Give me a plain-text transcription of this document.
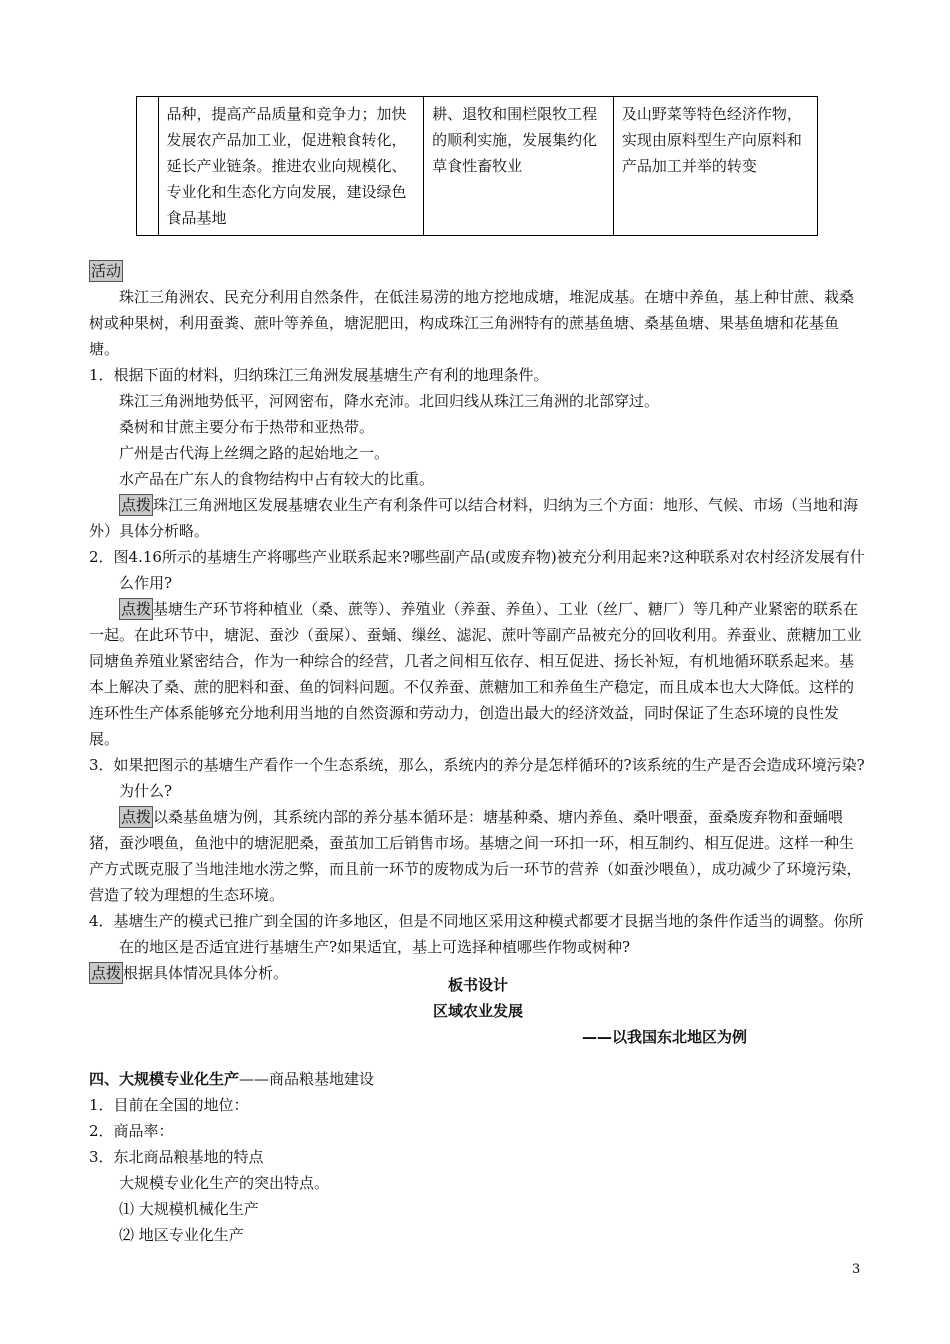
	品种，提高产品质量和竞争力；加快发展农产品加工业，促进粮食转化，延长产业链条。推进农业向规模化、专业化和生态化方向发展，建设绿色食品基地	耕、退牧和围栏限牧工程的顺利实施，发展集约化草食性畜牧业	及山野菜等特色经济作物，实现由原料型生产向原料和产品加工并举的转变
活动
珠江三角洲农、民充分利用自然条件，在低洼易涝的地方挖地成塘，堆泥成基。在塘中养鱼，基上种甘蔗、栽桑树或种果树，利用蚕粪、蔗叶等养鱼，塘泥肥田，构成珠江三角洲特有的蔗基鱼塘、桑基鱼塘、果基鱼塘和花基鱼塘。
1．根据下面的材料，归纳珠江三角洲发展基塘生产有利的地理条件。
珠江三角洲地势低平，河网密布，降水充沛。北回归线从珠江三角洲的北部穿过。
桑树和甘蔗主要分布于热带和亚热带。
广州是古代海上丝绸之路的起始地之一。
水产品在广东人的食物结构中占有较大的比重。
点拨 珠江三角洲地区发展基塘农业生产有利条件可以结合材料，归纳为三个方面：地形、气候、市场（当地和海外）具体分析略。
2．图4.16所示的基塘生产将哪些产业联系起来?哪些副产品(或废弃物)被充分利用起来?这种联系对农村经济发展有什么作用?
点拨 基塘生产环节将种植业（桑、蔗等）、养殖业（养蚕、养鱼）、工业（丝厂、糖厂）等几种产业紧密的联系在一起。在此环节中，塘泥、蚕沙（蚕屎）、蚕蛹、缫丝、滤泥、蔗叶等副产品被充分的回收利用。养蚕业、蔗糖加工业同塘鱼养殖业紧密结合，作为一种综合的经营，几者之间相互依存、相互促进、扬长补短，有机地循环联系起来。基本上解决了桑、蔗的肥料和蚕、鱼的饲料问题。不仅养蚕、蔗糖加工和养鱼生产稳定，而且成本也大大降低。这样的连环性生产体系能够充分地利用当地的自然资源和劳动力，创造出最大的经济效益，同时保证了生态环境的良性发展。
3．如果把图示的基塘生产看作一个生态系统，那么，系统内的养分是怎样循环的?该系统的生产是否会造成环境污染?为什么?
点拨 以桑基鱼塘为例，其系统内部的养分基本循环是：塘基种桑、塘内养鱼、桑叶喂蚕，蚕桑废弃物和蚕蛹喂猪，蚕沙喂鱼，鱼池中的塘泥肥桑，蚕茧加工后销售市场。基塘之间一环扣一环，相互制约、相互促进。这样一种生产方式既克服了当地洼地水涝之弊，而且前一环节的废物成为后一环节的营养（如蚕沙喂鱼），成功减少了环境污染，营造了较为理想的生态环境。
4．基塘生产的模式已推广到全国的许多地区，但是不同地区采用这种模式都要才艮据当地的条件作适当的调整。你所在的地区是否适宜进行基塘生产?如果适宜，基上可选择种植哪些作物或树种?
点拨 根据具体情况具体分析。
板书设计
区域农业发展
——以我国东北地区为例
四、大规模专业化生产——商品粮基地建设
1．目前在全国的地位：
2．商品率：
3．东北商品粮基地的特点
大规模专业化生产的突出特点。
⑴ 大规模机械化生产
⑵ 地区专业化生产
3
